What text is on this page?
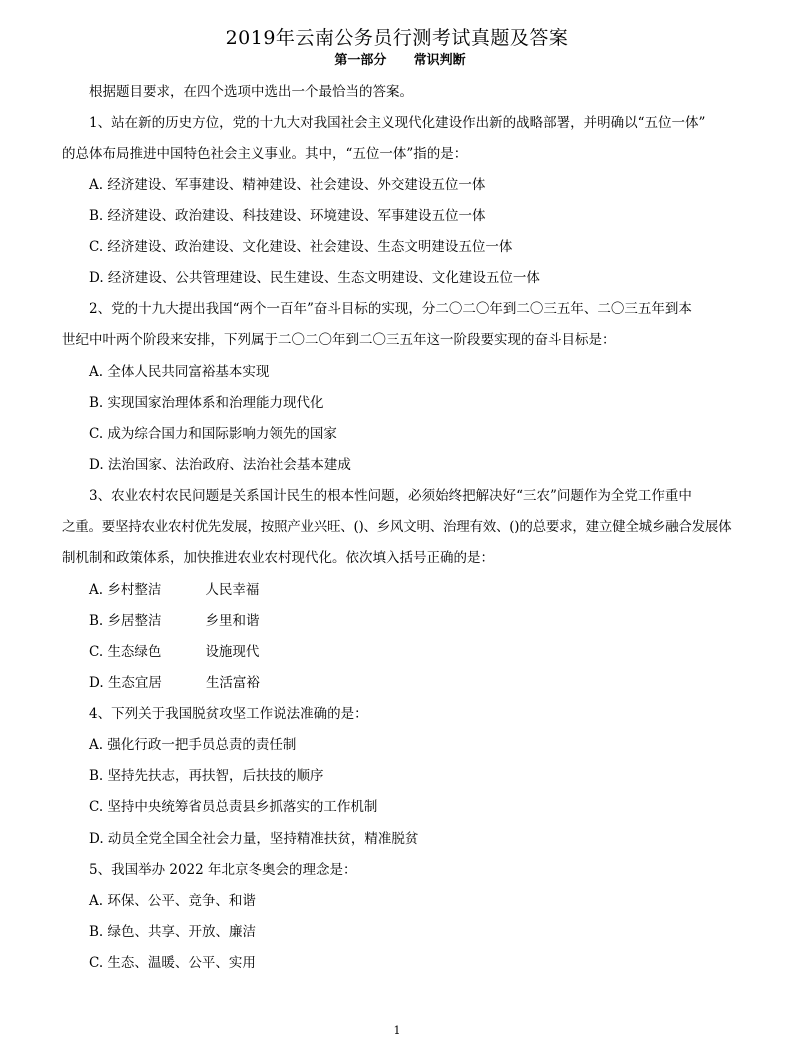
2019年云南公务员行测考试真题及答案
第一部分      常识判断
根据题目要求，在四个选项中选出一个最恰当的答案。
1、站在新的历史方位，党的十九大对我国社会主义现代化建设作出新的战略部署，并明确以“五位一体”
的总体布局推进中国特色社会主义事业。其中，“五位一体”指的是：
A. 经济建设、军事建设、精神建设、社会建设、外交建设五位一体
B. 经济建设、政治建设、科技建设、环境建设、军事建设五位一体
C. 经济建设、政治建设、文化建设、社会建设、生态文明建设五位一体
D. 经济建设、公共管理建设、民生建设、生态文明建设、文化建设五位一体
2、党的十九大提出我国“两个一百年”奋斗目标的实现，分二〇二〇年到二〇三五年、二〇三五年到本
世纪中叶两个阶段来安排，下列属于二〇二〇年到二〇三五年这一阶段要实现的奋斗目标是：
A. 全体人民共同富裕基本实现
B. 实现国家治理体系和治理能力现代化
C. 成为综合国力和国际影响力领先的国家
D. 法治国家、法治政府、法治社会基本建成
3、农业农村农民问题是关系国计民生的根本性问题，必须始终把解决好“三农”问题作为全党工作重中
之重。要坚持农业农村优先发展，按照产业兴旺、()、乡风文明、治理有效、()的总要求，建立健全城乡融合发展体
制机制和政策体系，加快推进农业农村现代化。依次填入括号正确的是：
A. 乡村整洁	人民幸福
B. 乡居整洁	乡里和谐
C. 生态绿色	设施现代
D. 生态宜居	生活富裕
4、下列关于我国脱贫攻坚工作说法准确的是：
A. 强化行政一把手员总责的责任制
B. 坚持先扶志，再扶智，后扶技的顺序
C. 坚持中央统筹省员总责县乡抓落实的工作机制
D. 动员全党全国全社会力量，坚持精准扶贫，精准脱贫
5、我国举办 2022 年北京冬奥会的理念是：
A. 环保、公平、竞争、和谐
B. 绿色、共享、开放、廉洁
C. 生态、温暖、公平、实用
1
